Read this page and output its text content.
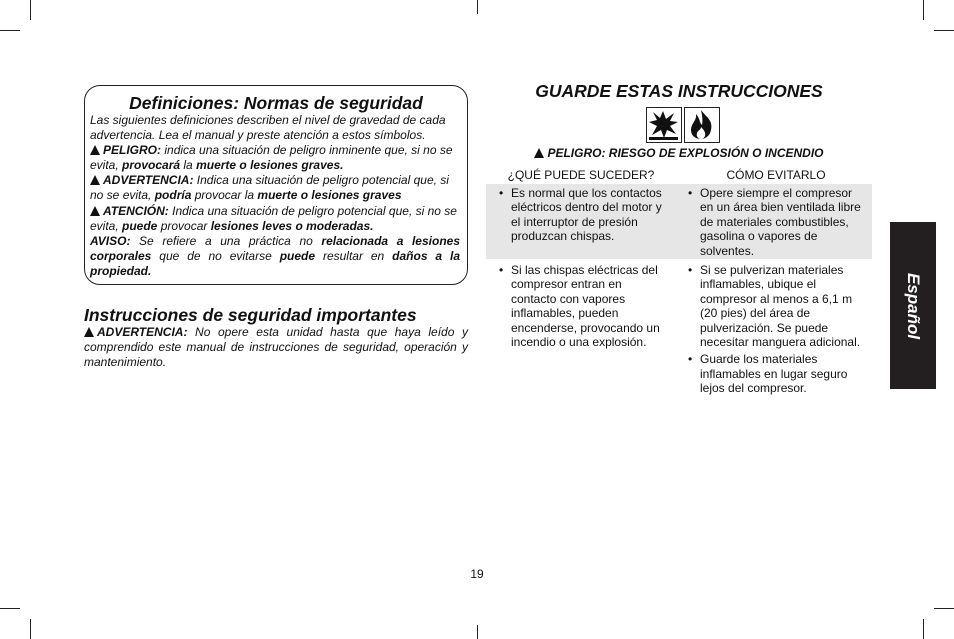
Definiciones: Normas de seguridad

Las siguientes definiciones describen el nivel de gravedad de cada advertencia. Lea el manual y preste atención a estos símbolos.

PELIGRO: indica una situación de peligro inminente que, si no se evita, provocará la muerte o lesiones graves.

ADVERTENCIA: Indica una situación de peligro potencial que, si no se evita, podría provocar la muerte o lesiones graves

ATENCIÓN: Indica una situación de peligro potencial que, si no se evita, puede provocar lesiones leves o moderadas.

AVISO: Se refiere a una práctica no relacionada a lesiones corporales que de no evitarse puede resultar en daños a la propiedad.

Instrucciones de seguridad importantes
ADVERTENCIA: No opere esta unidad hasta que haya leído y comprendido este manual de instrucciones de seguridad, operación y mantenimiento.
GUARDE ESTAS INSTRUCCIONES
PELIGRO: RIESGO DE EXPLOSIÓN O INCENDIO
¿QUÉ PUEDE SUCEDER?	CÓMO EVITARLO
• Es normal que los contactos eléctricos dentro del motor y el interruptor de presión produzcan chispas.
• Opere siempre el compresor en un área bien ventilada libre de materiales combustibles, gasolina o vapores de solventes.
• Si las chispas eléctricas del compresor entran en contacto con vapores inflamables, pueden encenderse, provocando un incendio o una explosión.
• Si se pulverizan materiales inflamables, ubique el compresor al menos a 6,1 m (20 pies) del área de pulverización. Se puede necesitar manguera adicional.
• Guarde los materiales inflamables en lugar seguro lejos del compresor.
Español
19
